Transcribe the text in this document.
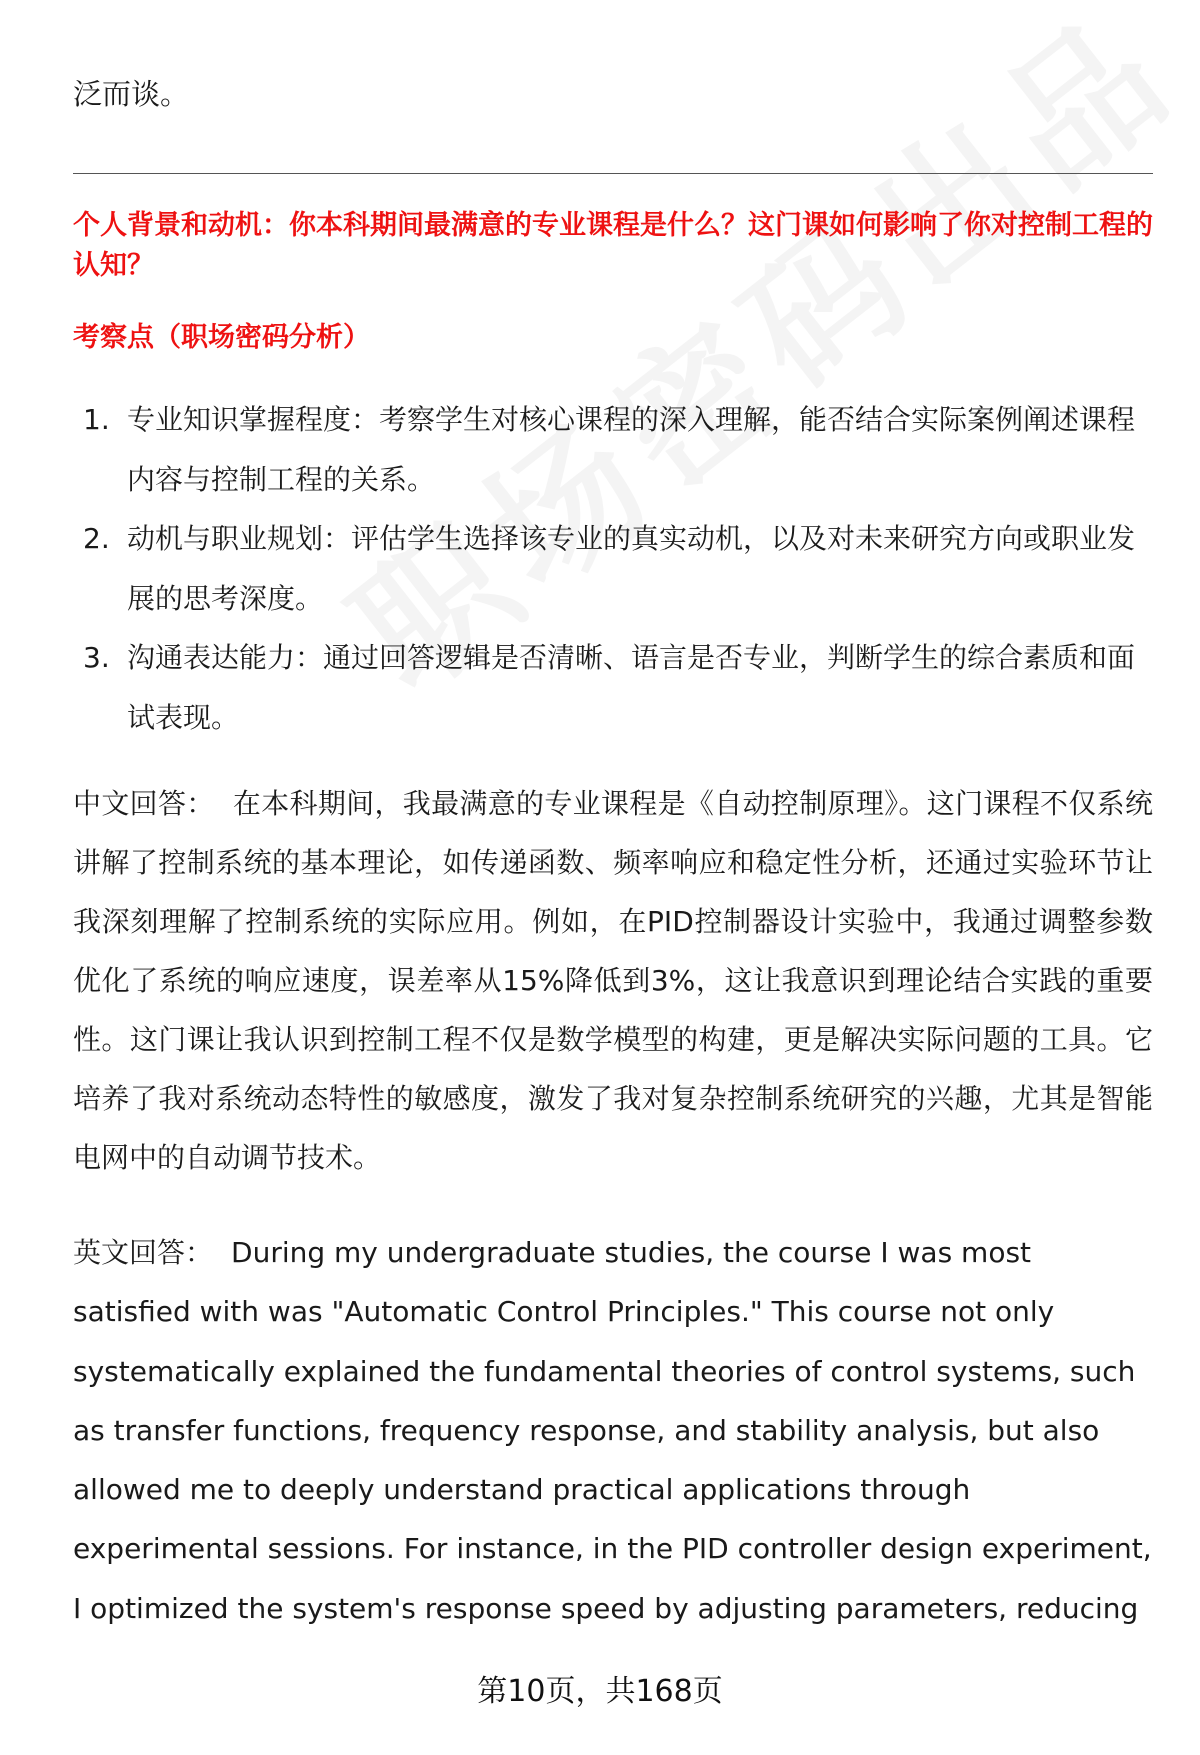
泛而谈。
个人背景和动机：你本科期间最满意的专业课程是什么？这门课如何影响了你对控制工程的认知？
考察点（职场密码分析）
1. 专业知识掌握程度：考察学生对核心课程的深入理解，能否结合实际案例阐述课程内容与控制工程的关系。
2. 动机与职业规划：评估学生选择该专业的真实动机，以及对未来研究方向或职业发展的思考深度。
3. 沟通表达能力：通过回答逻辑是否清晰、语言是否专业，判断学生的综合素质和面试表现。
中文回答： 在本科期间，我最满意的专业课程是《自动控制原理》。这门课程不仅系统讲解了控制系统的基本理论，如传递函数、频率响应和稳定性分析，还通过实验环节让我深刻理解了控制系统的实际应用。例如，在PID控制器设计实验中，我通过调整参数优化了系统的响应速度，误差率从15%降低到3%，这让我意识到理论结合实践的重要性。这门课让我认识到控制工程不仅是数学模型的构建，更是解决实际问题的工具。它培养了我对系统动态特性的敏感度，激发了我对复杂控制系统研究的兴趣，尤其是智能电网中的自动调节技术。
英文回答： During my undergraduate studies, the course I was most satisfied with was "Automatic Control Principles." This course not only systematically explained the fundamental theories of control systems, such as transfer functions, frequency response, and stability analysis, but also allowed me to deeply understand practical applications through experimental sessions. For instance, in the PID controller design experiment, I optimized the system's response speed by adjusting parameters, reducing
第10页，共168页
